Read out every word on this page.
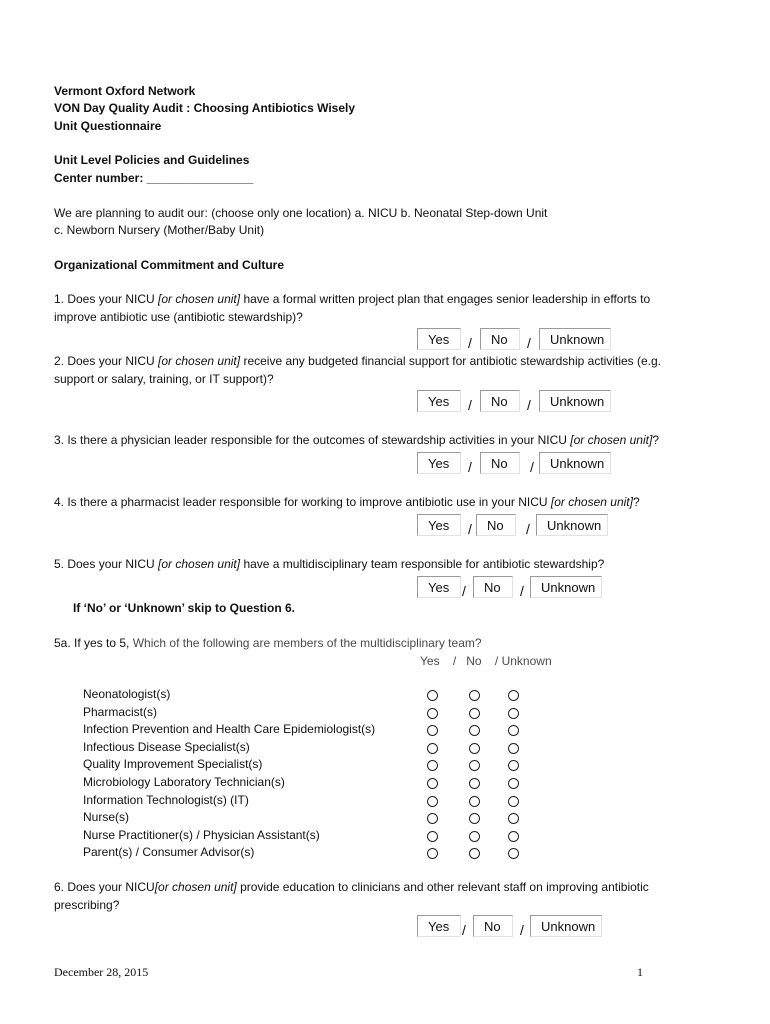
Vermont Oxford Network
VON Day Quality Audit : Choosing Antibiotics Wisely
Unit Questionnaire
Unit Level Policies and Guidelines
Center number: ________________
We are planning to audit our: (choose only one location) a. NICU b. Neonatal Step-down Unit
c. Newborn Nursery (Mother/Baby Unit)
Organizational Commitment and Culture
1. Does your NICU [or chosen unit] have a formal written project plan that engages senior leadership in efforts to
improve antibiotic use (antibiotic stewardship)?
Yes	/	No	/	Unknown
2. Does your NICU [or chosen unit] receive any budgeted financial support for antibiotic stewardship activities (e.g.
support or salary, training, or IT support)?
Yes	/	No	/	Unknown
3. Is there a physician leader responsible for the outcomes of stewardship activities in your NICU [or chosen unit]?
Yes	/	No	/	Unknown
4. Is there a pharmacist leader responsible for working to improve antibiotic use in your NICU [or chosen unit]?
Yes	/	No	/	Unknown
5. Does your NICU [or chosen unit] have a multidisciplinary team responsible for antibiotic stewardship?
Yes /	No	/	Unknown
If ‘No’ or ‘Unknown’ skip to Question 6.
5a. If yes to 5, Which of the following are members of the multidisciplinary team?
Yes    /   No    / Unknown
Neonatologist(s)
Pharmacist(s)
Infection Prevention and Health Care Epidemiologist(s)
Infectious Disease Specialist(s)
Quality Improvement Specialist(s)
Microbiology Laboratory Technician(s)
Information Technologist(s) (IT)
Nurse(s)
Nurse Practitioner(s) / Physician Assistant(s)
Parent(s) / Consumer Advisor(s)
6. Does your NICU[or chosen unit] provide education to clinicians and other relevant staff on improving antibiotic
prescribing?
Yes /	No	/	Unknown
December 28, 2015	1
